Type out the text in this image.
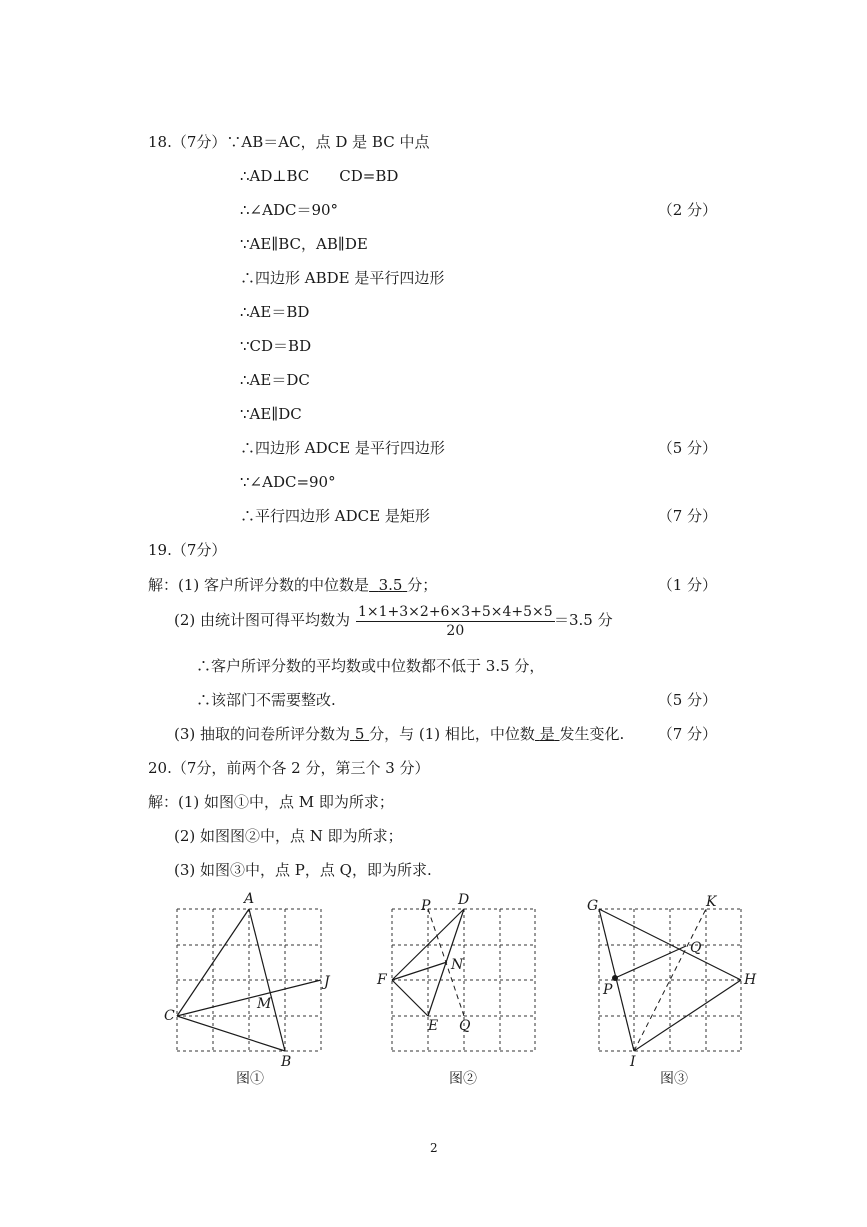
18.（7分）∵AB＝AC，点 D 是 BC 中点
∴AD⊥BC　　CD=BD
∴∠ADC＝90°	（2 分）
∵AE∥BC，AB∥DE
∴四边形 ABDE 是平行四边形
∴AE＝BD
∵CD＝BD
∴AE＝DC
∵AE∥DC
∴四边形 ADCE 是平行四边形	（5 分）
∵∠ADC=90°
∴平行四边形 ADCE 是矩形	（7 分）
19.（7分）
解：(1) 客户所评分数的中位数是 3.5 分；	（1 分）
(2) 由统计图可得平均数为 $\frac{1\times 1+3\times 2+6\times 3+5\times 4+5\times 5}{20} =3.5$ 分
∴客户所评分数的平均数或中位数都不低于 3.5 分，
∴该部门不需要整改.	（5 分）
(3) 抽取的问卷所评分数为 5 分，与 (1) 相比，中位数 是 发生变化. （7 分）
20.（7分，前两个各 2 分，第三个 3 分）
解：(1) 如图①中，点 M 即为所求；
(2) 如图图②中，点 N 即为所求；
(3) 如图③中，点 P，点 Q，即为所求.
A
B
C
J
M
图①
P D
F
N
E Q
图②
G	K
Q
P
H
I
图③
2
